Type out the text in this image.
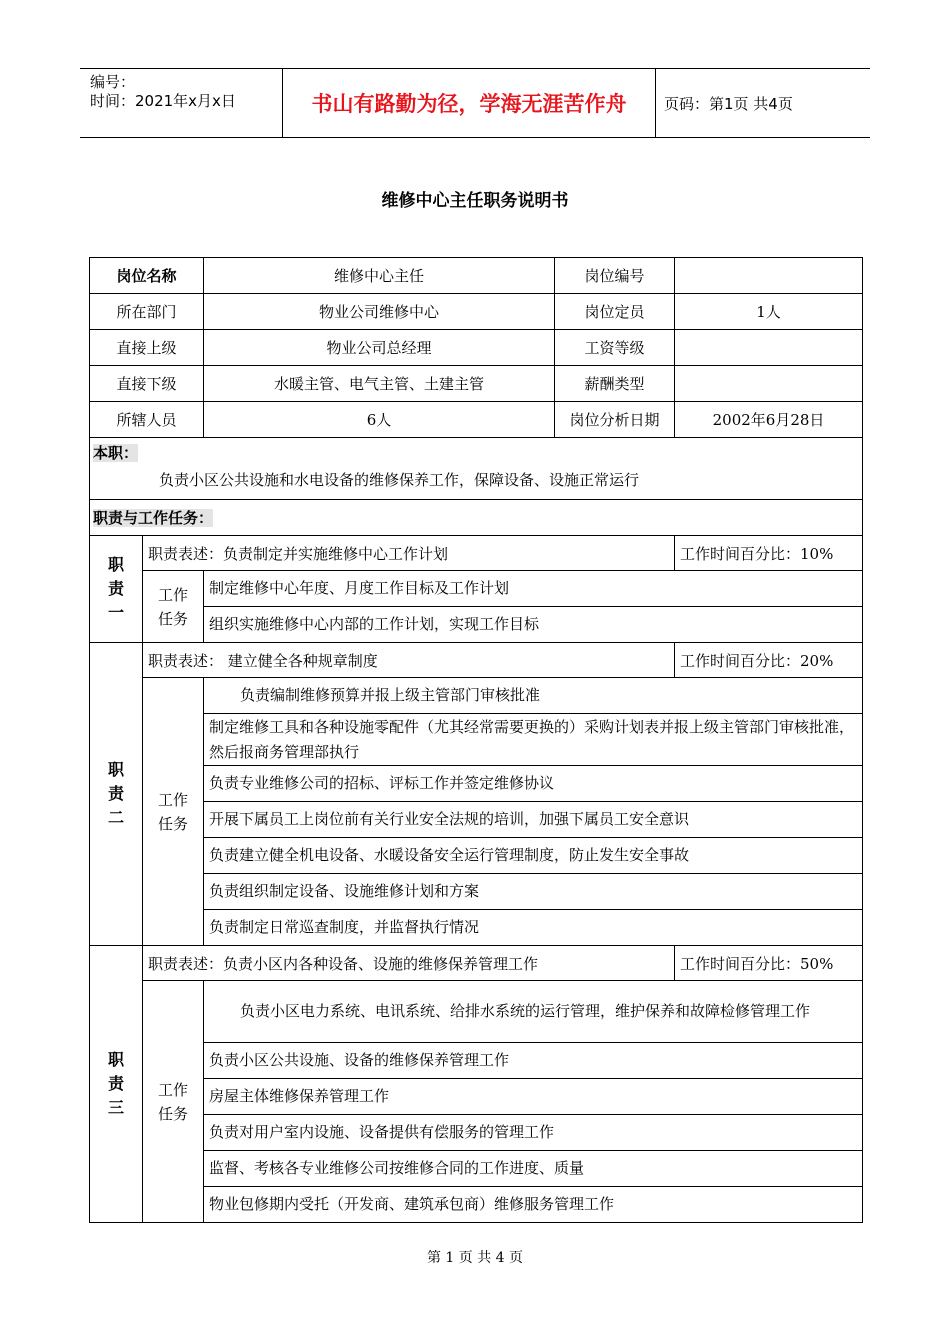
编号：
时间：2021年x月x日	书山有路勤为径，学海无涯苦作舟	页码：第1页 共4页
维修中心主任职务说明书
岗位名称		维修中心主任	岗位编号	
所在部门		物业公司维修中心	岗位定员	1人
直接上级		物业公司总经理	工资等级	
直接下级		水暖主管、电气主管、土建主管	薪酬类型	
所辖人员		6人	岗位分析日期	2002年6月28日

本职：
负责小区公共设施和水电设备的维修保养工作，保障设备、设施正常运行				

职责与工作任务：				
职
责
一	职责表述：负责制定并实施维修中心工作计划			工作时间百分比：10%
	工作
任务	制定维修中心年度、月度工作目标及工作计划		
		组织实施维修中心内部的工作计划，实现工作目标		
职
责
二	职责表述： 建立健全各种规章制度			工作时间百分比：20%
	工作
任务	负责编制维修预算并报上级主管部门审核批准		
		制定维修工具和各种设施零配件（尤其经常需要更换的）采购计划表并报上级主管部门审核批准，然后报商务管理部执行		
		负责专业维修公司的招标、评标工作并签定维修协议		
		开展下属员工上岗位前有关行业安全法规的培训，加强下属员工安全意识		
		负责建立健全机电设备、水暖设备安全运行管理制度，防止发生安全事故		
		负责组织制定设备、设施维修计划和方案		
		负责制定日常巡查制度，并监督执行情况		
职
责
三	职责表述：负责小区内各种设备、设施的维修保养管理工作			工作时间百分比：50%
	工作
任务	负责小区电力系统、电讯系统、给排水系统的运行管理，维护保养和故障检修管理工作		
		负责小区公共设施、设备的维修保养管理工作		
		房屋主体维修保养管理工作		
		负责对用户室内设施、设备提供有偿服务的管理工作		
		监督、考核各专业维修公司按维修合同的工作进度、质量		
		物业包修期内受托（开发商、建筑承包商）维修服务管理工作		
第 1 页 共 4 页
